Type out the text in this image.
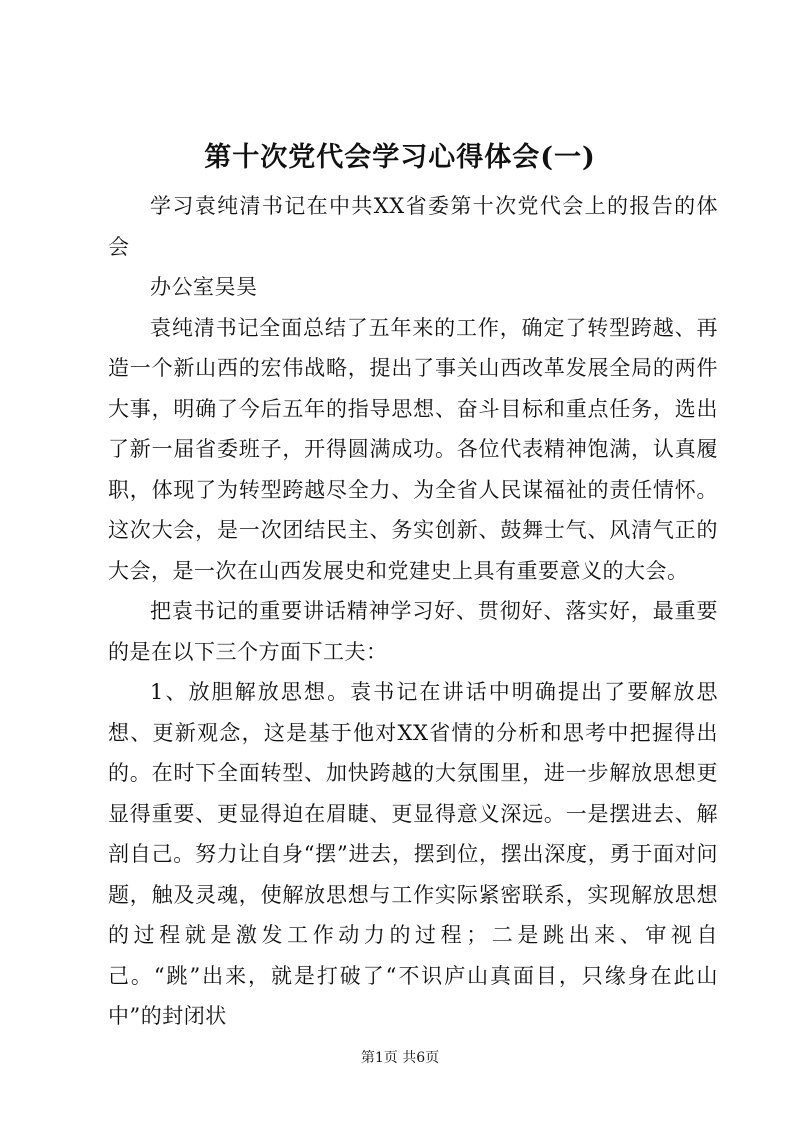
第十次党代会学习心得体会(一)

学习袁纯清书记在中共XX省委第十次党代会上的报告的体会

办公室吴昊

袁纯清书记全面总结了五年来的工作，确定了转型跨越、再造一个新山西的宏伟战略，提出了事关山西改革发展全局的两件大事，明确了今后五年的指导思想、奋斗目标和重点任务，选出了新一届省委班子，开得圆满成功。各位代表精神饱满，认真履职，体现了为转型跨越尽全力、为全省人民谋福祉的责任情怀。这次大会，是一次团结民主、务实创新、鼓舞士气、风清气正的大会，是一次在山西发展史和党建史上具有重要意义的大会。

把袁书记的重要讲话精神学习好、贯彻好、落实好，最重要的是在以下三个方面下工夫：

1、放胆解放思想。袁书记在讲话中明确提出了要解放思想、更新观念，这是基于他对XX省情的分析和思考中把握得出的。在时下全面转型、加快跨越的大氛围里，进一步解放思想更显得重要、更显得迫在眉睫、更显得意义深远。一是摆进去、解剖自己。努力让自身“摆”进去，摆到位，摆出深度，勇于面对问题，触及灵魂，使解放思想与工作实际紧密联系，实现解放思想的过程就是激发工作动力的过程；二是跳出来、审视自己。“跳”出来，就是打破了“不识庐山真面目，只缘身在此山中”的封闭状

第1页 共6页
